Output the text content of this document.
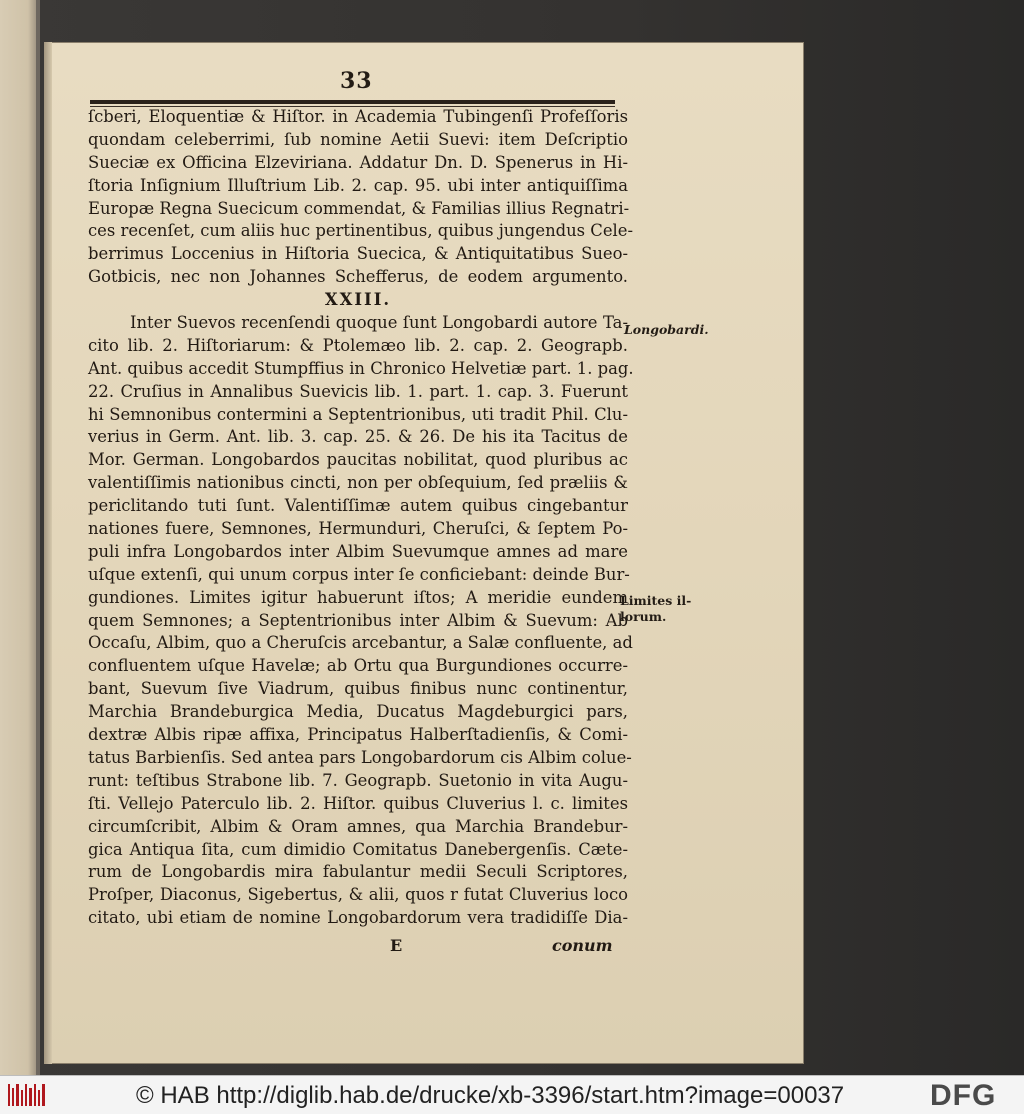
33
ſcberi, Eloquentiæ & Hiſtor. in Academia Tubingenſi Profeſſoris
quondam celeberrimi, ſub nomine Aetii Suevi: item Deſcriptio
Sueciæ ex Officina Elzeviriana. Addatur Dn. D. Spenerus in Hi-
ſtoria Inſignium Illuſtrium Lib. 2. cap. 95. ubi inter antiquiſſima
Europæ Regna Suecicum commendat, & Familias illius Regnatri-
ces recenſet, cum aliis huc pertinentibus, quibus jungendus Cele-
berrimus Loccenius in Hiſtoria Suecica, & Antiquitatibus Sueo-
Gotbicis, nec non Johannes Schefferus, de eodem argumento.
XXIII.
Inter Suevos recenſendi quoque ſunt Longobardi autore Ta-
cito lib. 2. Hiſtoriarum: & Ptolemæo lib. 2. cap. 2. Geograpb.
Ant. quibus accedit Stumpffius in Chronico Helvetiæ part. 1. pag.
22. Cruſius in Annalibus Suevicis lib. 1. part. 1. cap. 3. Fuerunt
hi Semnonibus contermini a Septentrionibus, uti tradit Phil. Clu-
verius in Germ. Ant. lib. 3. cap. 25. & 26. De his ita Tacitus de
Mor. German. Longobardos paucitas nobilitat, quod pluribus ac
valentiſſimis nationibus cincti, non per obſequium, ſed præliis &
periclitando tuti ſunt. Valentiſſimæ autem quibus cingebantur
nationes fuere, Semnones, Hermunduri, Cheruſci, & ſeptem Po-
puli infra Longobardos inter Albim Suevumque amnes ad mare
uſque extenſi, qui unum corpus inter ſe conficiebant: deinde Bur-
gundiones. Limites igitur habuerunt iſtos; A meridie eundem
quem Semnones; a Septentrionibus inter Albim & Suevum: Ab
Occaſu, Albim, quo a Cheruſcis arcebantur, a Salæ confluente, ad
confluentem uſque Havelæ; ab Ortu qua Burgundiones occurre-
bant, Suevum ſive Viadrum, quibus finibus nunc continentur,
Marchia Brandeburgica Media, Ducatus Magdeburgici pars,
dextræ Albis ripæ affixa, Principatus Halberſtadienſis, & Comi-
tatus Barbienſis. Sed antea pars Longobardorum cis Albim colue-
runt: teſtibus Strabone lib. 7. Geograpb. Suetonio in vita Augu-
ſti. Vellejo Paterculo lib. 2. Hiſtor. quibus Cluverius l. c. limites
circumſcribit, Albim & Oram amnes, qua Marchia Brandebur-
gica Antiqua ſita, cum dimidio Comitatus Danebergenſis. Cæte-
rum de Longobardis mira fabulantur medii Seculi Scriptores,
Proſper, Diaconus, Sigebertus, & alii, quos r futat Cluverius loco
citato, ubi etiam de nomine Longobardorum vera tradidiſſe Dia-
E	conum
Longobardi.
Limites il-
lorum.
© HAB http://diglib.hab.de/drucke/xb-3396/start.htm?image=00037	DFG
